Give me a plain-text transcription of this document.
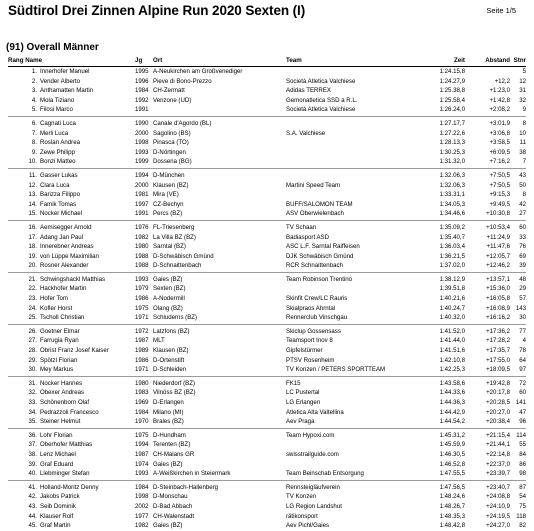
Südtirol Drei Zinnen Alpine Run 2020 Sexten (I)	Seite 1/5
(91) Overall Männer
Rang Name	Jg	Ort	Team	Zeit	Abstand Stnr
1. Innerhofer Manuel	1995 A-Neukirchen am Großvenediger	1:24.15,8	5
2. Vender Alberto	1996 Pieve di Bono-Prezzo	Società Atletica Valchiese	1:24.27,9	+12,2	12
3. Anthamatten Martin	1984 CH-Zermatt	Adidas TERREX	1:25.38,8	+1:23,0	31
4. Mola Tiziano	1992 Venzone (UD)	Gemonatletica SSD a R.L.	1:25.58,4	+1:42,8	32
5. Filosi Marco	1991	Società Atletica Valchiese	1:26.24,0	+2:08,2	9
6. Cagnati Luca	1990 Canale d'Agordo (BL)	1:27.17,7	+3:01,9	8
7. Merli Luca	2000 Sagolino (BS)	S.A. Valchiese	1:27.22,6	+3:06,8	10
8. Roslan Andrea	1998 Pinasca (TO)	1:28.13,3	+3:58,5	11
9. Zewe Philipp	1993 D-Nörtingen	1:30.25,3	+6:09,5	38
10. Bonzi Matteo	1999 Dossena (BG)	1:31.32,0	+7:16,2	7
11. Gasser Lukas	1994 D-München	1:32.06,3	+7:50,5	43
12. Clara Luca	2000 Klausen (BZ)	Martini Speed Team	1:32.06,3	+7:50,5	50
13. Barizza Filippo	1981 Mira (VE)	1:33.31,1	+9:15,3	8
14. Famik Tomas	1997 CZ-Bechyn	BUFF/SALOMON TEAM	1:34.05,3	+9:49,5	42
15. Nocker Michael	1991 Percs (BZ)	ASV Oberwielenbach	1:34.46,6	+10:30,8	27
16. Aemisegger Arnold	1976 FL-Triesenberg	TV Schaan	1:35.09,2	+10:53,4	60
17. Adang Jan Paul	1982 La Villa BZ (BZ)	Badiasport ASD	1:35.40,7	+11:24,9	33
18. Innerebner Andreas	1980 Sarntal (BZ)	ASC L.F. Sarntal Raiffeisen	1:36.03,4	+11:47,6	76
19. von Lüppe Maximilian	1988 D-Schwäbisch Gmünd	DJK Schwäbisch Gmünd	1:36.21,5	+12:05,7	69
20. Rosner Alexander	1988 D-Schnaittenbach	RCR Schnaittenbach	1:37.02,0	+12:46,2	39
21. Schwingshackl Matthias	1993 Gaies (BZ)	Team Robinson Trentino	1:38.12,9	+13:57,1	48
22. Hackhofer Martin	1979 Sexten (BZ)	1:39.51,8	+15:36,0	29
23. Hofer Tom	1986 A-Nodermill	Skinfit Crew/LC Rauris	1:40.21,6	+16:05,8	57
24. Kofler Horst	1975 Olang (BZ)	Skialpraos Ahrntal	1:40.24,7	+16:08,9 143
25. Tscholl Christian	1971 Schluderns (BZ)	Rennerclub Vinschgau	1:40.32,0	+16:16,2	30
26. Goetner Elmar	1972 Latzfons (BZ)	Skiclup Gossensass	1:41.52,0	+17:36,2	77
27. Farrugia Ryan	1987 MLT	Teamsport Inov 8	1:41.44,0	+17:28,2	4
28. Obrist Franz Josef Kaiser	1989 Klausen (BZ)	Gipfelstürmer	1:41.51,6	+17:35,7	78
29. Spötzl Florian	1986 D-Ortenstift	PTSV Rosenheim	1:42.10,8	+17:55,0	64
30. Mey Markus	1971 D-Schleiden	TV Konzen / PETERS SPORTTEAM	1:42.25,3	+18:09,5	97
31. Nocker Hannes	1980 Niederdorf (BZ)	FK15	1:43.58,6	+19:42,8	72
32. Obexer Andreas	1983 Vilnöss BZ (BZ)	LC Pustertal	1:44.33,6	+20:17,8	60
33. Schönenborn Olaf	1969 D-Erlangen	LG Erlangen	1:44.36,3	+20:28,5 141
34. Pedrazzoli Francesco	1984 Milano (MI)	Atletica Alta Valtellina	1:44.42,9	+20:27,0	47
35. Steiner Helmut	1970 Brales (BZ)	Aev Praga	1:44.54,2	+20:38,4	96
36. Lohr Florian	1975 D-Hundham	Team Hypoxi.com	1:45.31,2	+21:15,4	114
37. Oberhofer Matthias	1994 Terenten (BZ)	1:45.59,9	+21:44,1	55
38. Lenz Michael	1987 CH-Malans GR	swisstrailguide.com	1:46.30,5	+22:14,8	84
39. Graf Eduard	1974 Gaies (BZ)	1:46.52,8	+22:37,0	86
40. Llebminger Stefan	1993 A-Weißkirchen in Steiermark	Team Beinschab Entsorgung	1:47.55,5	+23:39,7	98
41. Holland-Moritz Denny	1984 D-Steinbach-Hallenberg	Rennsteigläufverein	1:47.56,5	+23:40,7	87
42. Jakobs Patrick	1998 D-Monschau	TV Konzen	1:48.24,6	+24:08,8	54
43. Seib Dominik	2002 D-Bad Abbach	LG Region Landshut	1:48.26,7	+24:10,9	75
44. Klauser Rolf	1977 CH-Walenstadt	rätikonsport	1:48.35,3	+24:19,5	118
45. Graf Martin	1982 Gaies (BZ)	Aev Pichl/Gaies	1:48.42,8	+24:27,0	82
